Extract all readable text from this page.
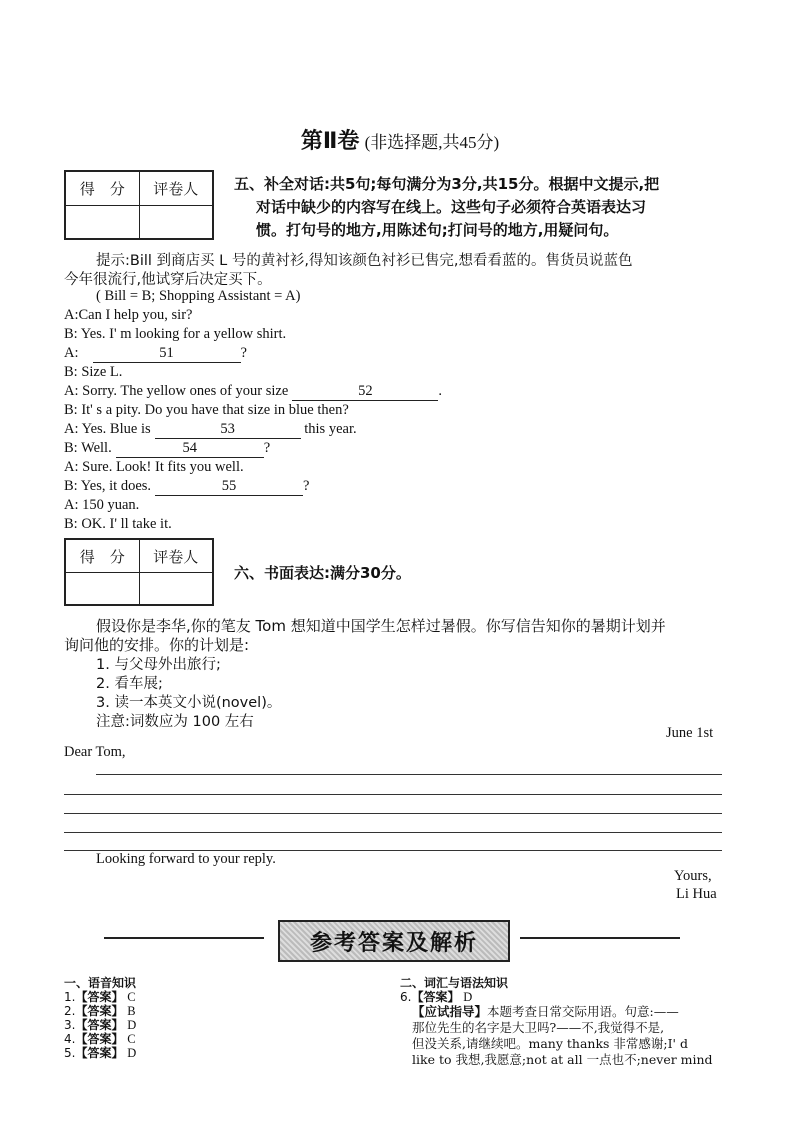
第Ⅱ卷 (非选择题,共45分)
得　分	评卷人
	五、补全对话:共5句;每句满分为3分,共15分。根据中文提示,把
对话中缺少的内容写在线上。这些句子必须符合英语表达习
惯。打句号的地方,用陈述句;打问号的地方,用疑问句。
提示:Bill 到商店买 L 号的黄衬衫,得知该颜色衬衫已售完,想看看蓝的。售货员说蓝色
今年很流行,他试穿后决定买下。
( Bill = B; Shopping Assistant = A)
A:Can I help you, sir?
B: Yes. I' m looking for a yellow shirt.
A:	51	?
B: Size L.
A: Sorry. The yellow ones of your size	52	.
B: It' s a pity. Do you have that size in blue then?
A: Yes. Blue is	53	this year.
B: Well.	54	?
A: Sure. Look! It fits you well.
B: Yes, it does.	55	?
A: 150 yuan.
B: OK. I' ll take it.
得　分	评卷人

六、书面表达:满分30分。
假设你是李华,你的笔友 Tom 想知道中国学生怎样过暑假。你写信告知你的暑期计划并
询问他的安排。你的计划是:
1. 与父母外出旅行;
2. 看车展;
3. 读一本英文小说(novel)。
注意:词数应为 100 左右
June 1st
Dear Tom,
Looking forward to your reply.
Yours,
Li Hua
参考答案及解析
一、语音知识
1.【答案】 C
2.【答案】 B
3.【答案】 D
4.【答案】 C
5.【答案】 D
二、词汇与语法知识
6.【答案】 D
【应试指导】本题考查日常交际用语。句意:——
那位先生的名字是大卫吗?——不,我觉得不是,
但没关系,请继续吧。many thanks 非常感谢;I' d
like to 我想,我愿意;not at all 一点也不;never mind
